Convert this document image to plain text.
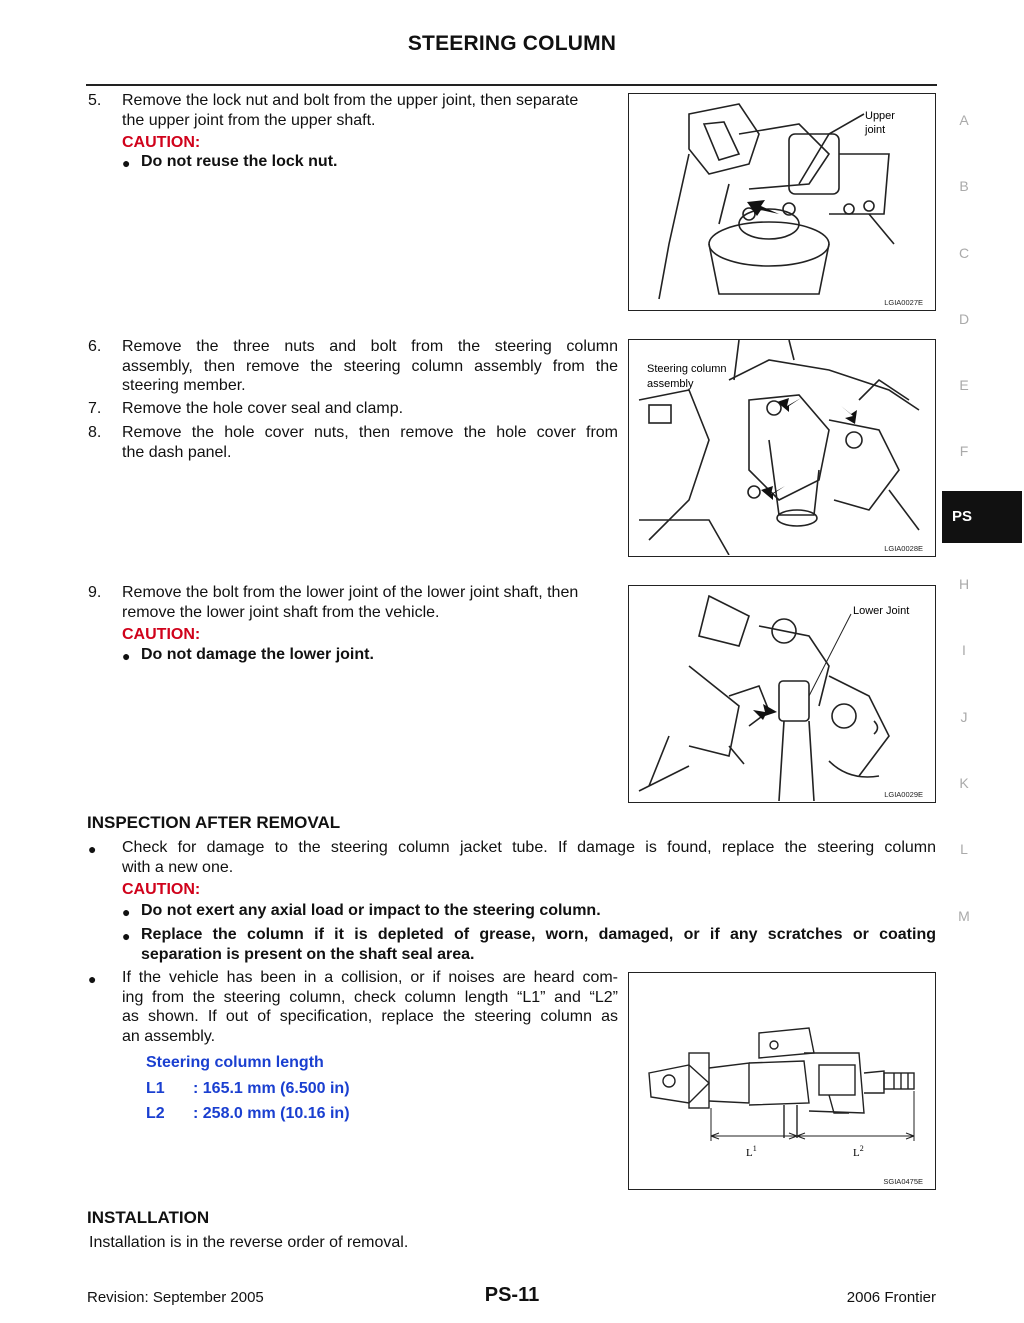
STEERING COLUMN
5.	Remove the lock nut and bolt from the upper joint, then separate
the upper joint from the upper shaft.
CAUTION:
● Do not reuse the lock nut.
Upper
joint
LGIA0027E
6.	Remove the three nuts and bolt from the steering column
assembly, then remove the steering column assembly from the
steering member.
7.	Remove the hole cover seal and clamp.
8.	Remove the hole cover nuts, then remove the hole cover from
the dash panel.
Steering column
assembly
LGIA0028E
9.	Remove the bolt from the lower joint of the lower joint shaft, then
remove the lower joint shaft from the vehicle.
CAUTION:
● Do not damage the lower joint.
Lower Joint
LGIA0029E
INSPECTION AFTER REMOVAL
● Check for damage to the steering column jacket tube. If damage is found, replace the steering column
with a new one.
CAUTION:
● Do not exert any axial load or impact to the steering column.
● Replace the column if it is depleted of grease, worn, damaged, or if any scratches or coating
separation is present on the shaft seal area.
● If the vehicle has been in a collision, or if noises are heard com-
ing from the steering column, check column length “L1” and “L2”
as shown. If out of specification, replace the steering column as
an assembly.
Steering column length
L1 : 165.1 mm (6.500 in)
L2 : 258.0 mm (10.16 in)
$L^1$	$L^2$
SGIA0475E
INSTALLATION
Installation is in the reverse order of removal.
A
B
C
D
E
F
PS
H
I
J
K
L
M
Revision: September 2005	PS-11	2006 Frontier
